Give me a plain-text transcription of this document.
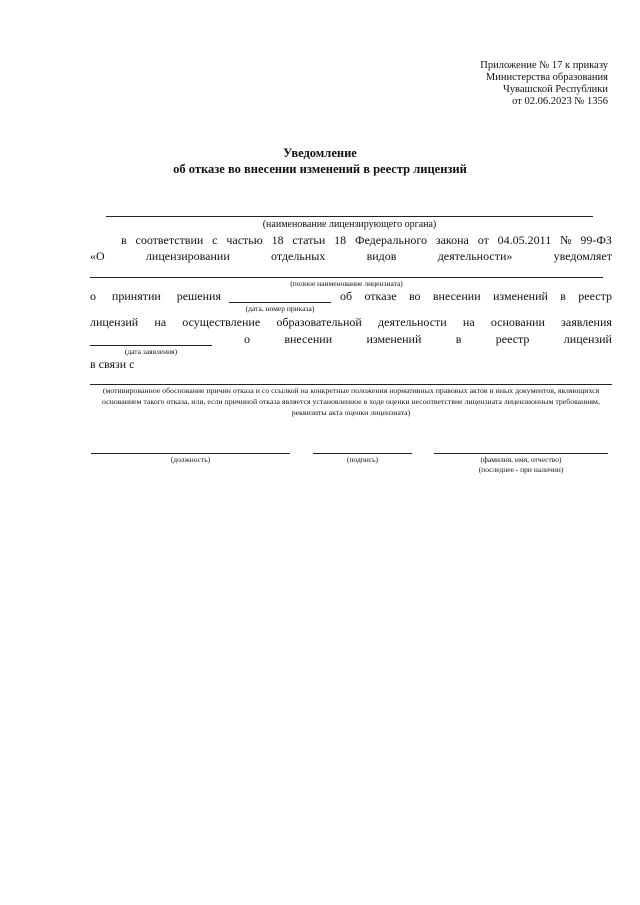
Приложение № 17 к приказу
Министерства образования
Чувашской Республики
от 02.06.2023 № 1356
Уведомление
об отказе во внесении изменений в реестр лицензий
(наименование лицензирующего органа)
в соответствии с частью 18 статьи 18 Федерального закона от 04.05.2011 № 99-ФЗ
«О	лицензировании	отдельных	видов	деятельности»	уведомляет
(полное наименование лицензиата)
о принятии решения
(дата, номер приказа)
об отказе во внесении изменений в реестр
лицензий на осуществление образовательной деятельности на основании заявления
(дата заявления)
о	внесении	изменений	в	реестр	лицензий
в связи с
(мотивированное обоснование причин отказа и со ссылкой на конкретные положения нормативных правовых актов и иных документов, являющихся основанием такого отказа, или, если причиной отказа является установленное в ходе оценки несоответствие лицензиата лицензионным требованиям, реквизиты акта оценки лицензиата)
(должность)	(подпись)	(фамилия, имя, отчество)
(последнее - при наличии)
